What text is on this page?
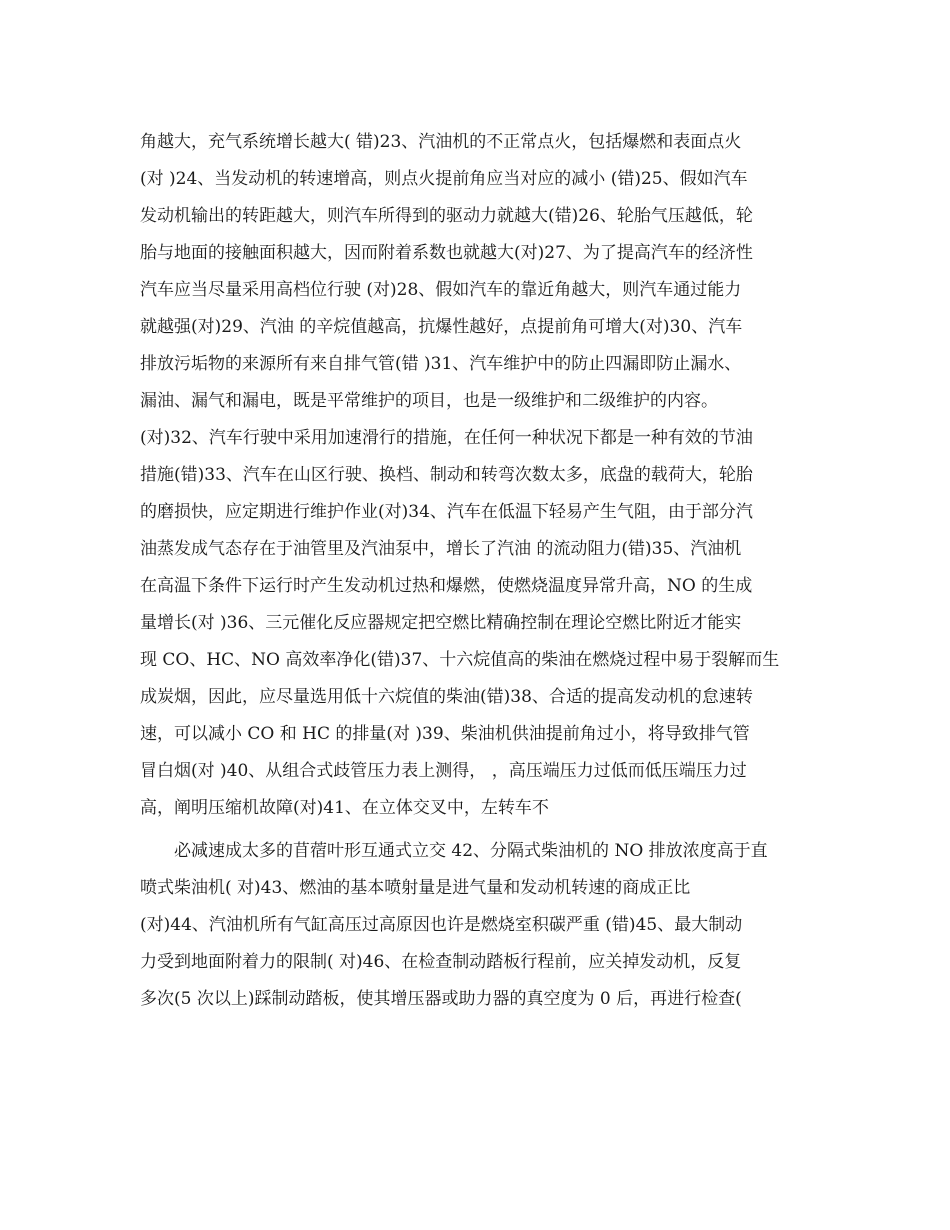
角越大，充气系统增长越大( 错)23、汽油机的不正常点火，包括爆燃和表面点火
(对 )24、当发动机的转速增高，则点火提前角应当对应的减小 (错)25、假如汽车
发动机输出的转距越大，则汽车所得到的驱动力就越大(错)26、轮胎气压越低，轮
胎与地面的接触面积越大，因而附着系数也就越大(对)27、为了提高汽车的经济性
汽车应当尽量采用高档位行驶 (对)28、假如汽车的靠近角越大，则汽车通过能力
就越强(对)29、汽油 的辛烷值越高，抗爆性越好，点提前角可增大(对)30、汽车
排放污垢物的来源所有来自排气管(错 )31、汽车维护中的防止四漏即防止漏水、
漏油、漏气和漏电，既是平常维护的项目，也是一级维护和二级维护的内容。
(对)32、汽车行驶中采用加速滑行的措施，在任何一种状况下都是一种有效的节油
措施(错)33、汽车在山区行驶、换档、制动和转弯次数太多，底盘的载荷大，轮胎
的磨损快，应定期进行维护作业(对)34、汽车在低温下轻易产生气阻，由于部分汽
油蒸发成气态存在于油管里及汽油泵中，增长了汽油 的流动阻力(错)35、汽油机
在高温下条件下运行时产生发动机过热和爆燃，使燃烧温度异常升高，NO 的生成
量增长(对 )36、三元催化反应器规定把空燃比精确控制在理论空燃比附近才能实
现 CO、HC、NO 高效率净化(错)37、十六烷值高的柴油在燃烧过程中易于裂解而生
成炭烟，因此，应尽量选用低十六烷值的柴油(错)38、合适的提高发动机的怠速转
速，可以减小 CO 和 HC 的排量(对 )39、柴油机供油提前角过小，将导致排气管
冒白烟(对 )40、从组合式歧管压力表上测得， ，高压端压力过低而低压端压力过
高，阐明压缩机故障(对)41、在立体交叉中，左转车不
必减速成太多的苜蓿叶形互通式立交 42、分隔式柴油机的 NO 排放浓度高于直
喷式柴油机( 对)43、燃油的基本喷射量是进气量和发动机转速的商成正比
(对)44、汽油机所有气缸高压过高原因也许是燃烧室积碳严重 (错)45、最大制动
力受到地面附着力的限制( 对)46、在检查制动踏板行程前，应关掉发动机，反复
多次(5 次以上)踩制动踏板，使其增压器或助力器的真空度为 0 后，再进行检查(
